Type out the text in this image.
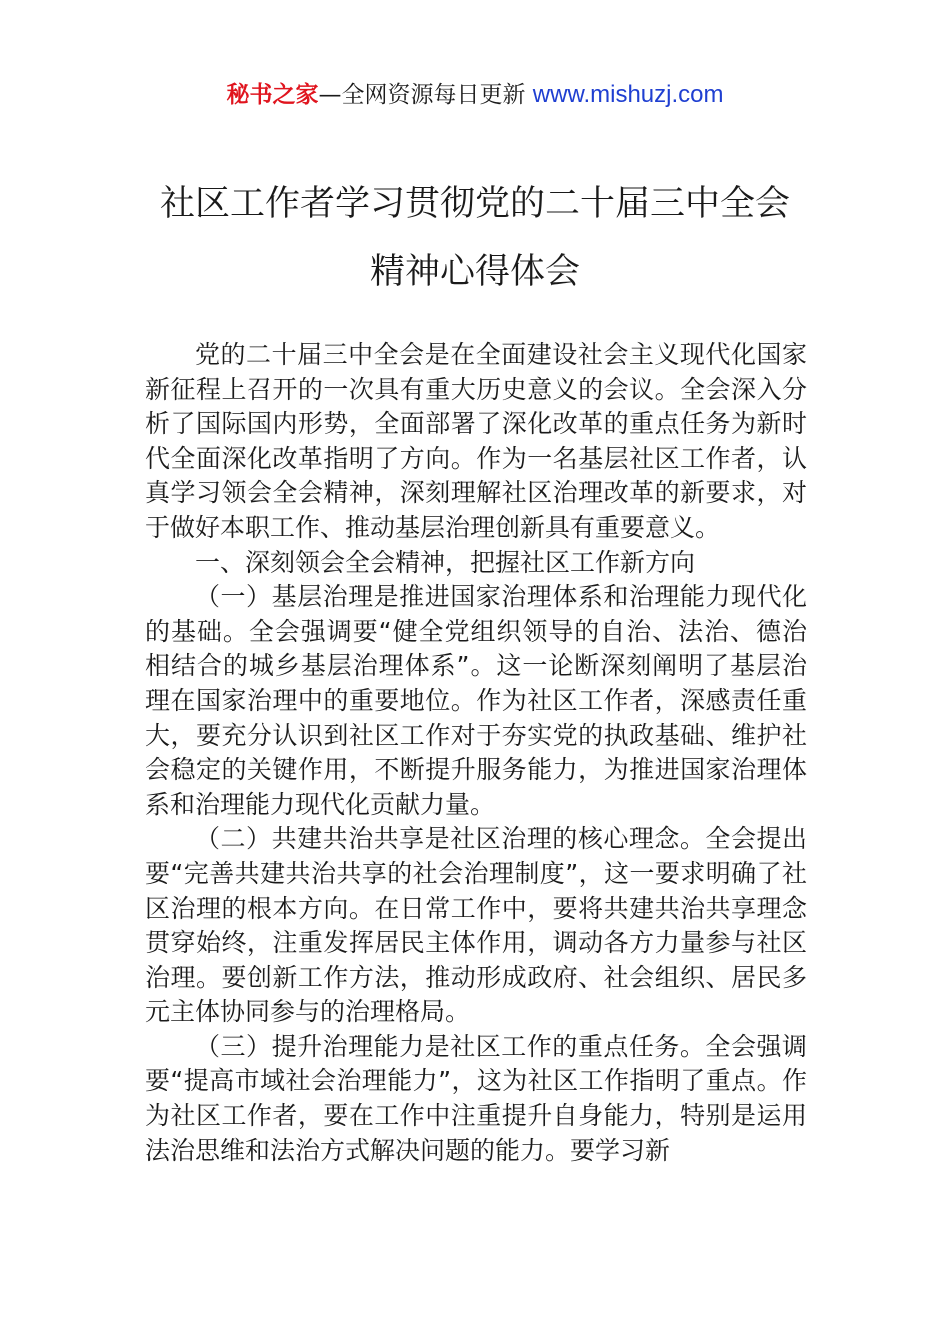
秘书之家—全网资源每日更新 www.mishuzj.com
社区工作者学习贯彻党的二十届三中全会
精神心得体会

党的二十届三中全会是在全面建设社会主义现代化国家新征程上召开的一次具有重大历史意义的会议。全会深入分析了国际国内形势，全面部署了深化改革的重点任务为新时代全面深化改革指明了方向。作为一名基层社区工作者，认真学习领会全会精神，深刻理解社区治理改革的新要求，对于做好本职工作、推动基层治理创新具有重要意义。

一、深刻领会全会精神，把握社区工作新方向

（一）基层治理是推进国家治理体系和治理能力现代化的基础。全会强调要“健全党组织领导的自治、法治、德治相结合的城乡基层治理体系”。这一论断深刻阐明了基层治理在国家治理中的重要地位。作为社区工作者，深感责任重大，要充分认识到社区工作对于夯实党的执政基础、维护社会稳定的关键作用，不断提升服务能力，为推进国家治理体系和治理能力现代化贡献力量。

（二）共建共治共享是社区治理的核心理念。全会提出要“完善共建共治共享的社会治理制度”，这一要求明确了社区治理的根本方向。在日常工作中，要将共建共治共享理念贯穿始终，注重发挥居民主体作用，调动各方力量参与社区治理。要创新工作方法，推动形成政府、社会组织、居民多元主体协同参与的治理格局。

（三）提升治理能力是社区工作的重点任务。全会强调要“提高市域社会治理能力”，这为社区工作指明了重点。作为社区工作者，要在工作中注重提升自身能力，特别是运用法治思维和法治方式解决问题的能力。要学习新
